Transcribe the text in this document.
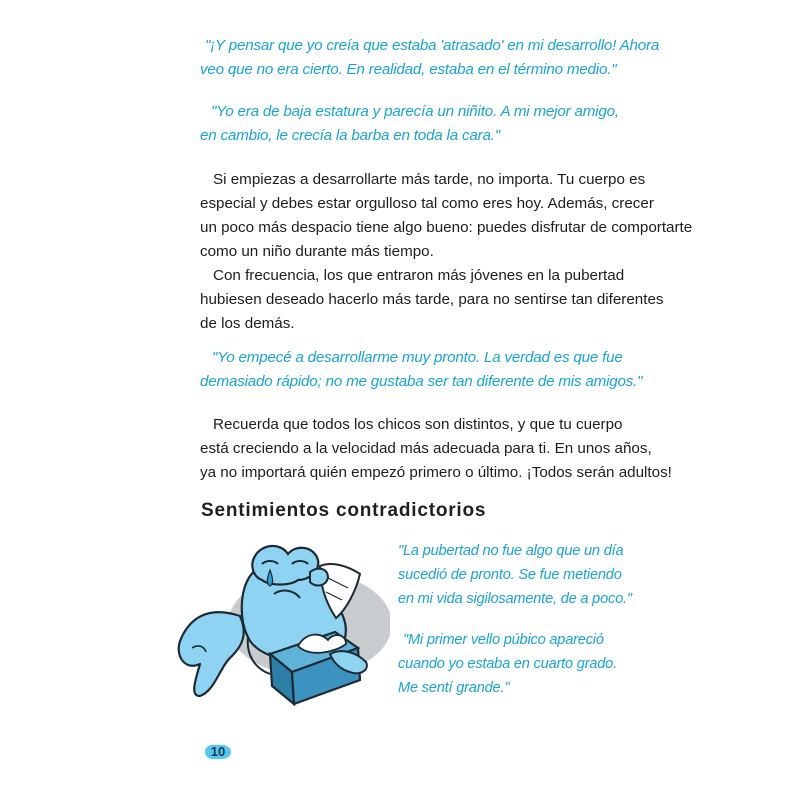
"¡Y pensar que yo creía que estaba 'atrasado' en mi desarrollo! Ahora
veo que no era cierto. En realidad, estaba en el término medio."
"Yo era de baja estatura y parecía un niñito. A mi mejor amigo,
en cambio, le crecía la barba en toda la cara."
Si empiezas a desarrollarte más tarde, no importa. Tu cuerpo es
especial y debes estar orgulloso tal como eres hoy. Además, crecer
un poco más despacio tiene algo bueno: puedes disfrutar de comportarte
como un niño durante más tiempo.
Con frecuencia, los que entraron más jóvenes en la pubertad
hubiesen deseado hacerlo más tarde, para no sentirse tan diferentes
de los demás.
"Yo empecé a desarrollarme muy pronto. La verdad es que fue
demasiado rápido; no me gustaba ser tan diferente de mis amigos."
Recuerda que todos los chicos son distintos, y que tu cuerpo
está creciendo a la velocidad más adecuada para ti. En unos años,
ya no importará quién empezó primero o último. ¡Todos serán adultos!
Sentimientos contradictorios
"La pubertad no fue algo que un día
sucedió de pronto. Se fue metiendo
en mi vida sigilosamente, de a poco."
"Mi primer vello púbico apareció
cuando yo estaba en cuarto grado.
Me sentí grande."
10
